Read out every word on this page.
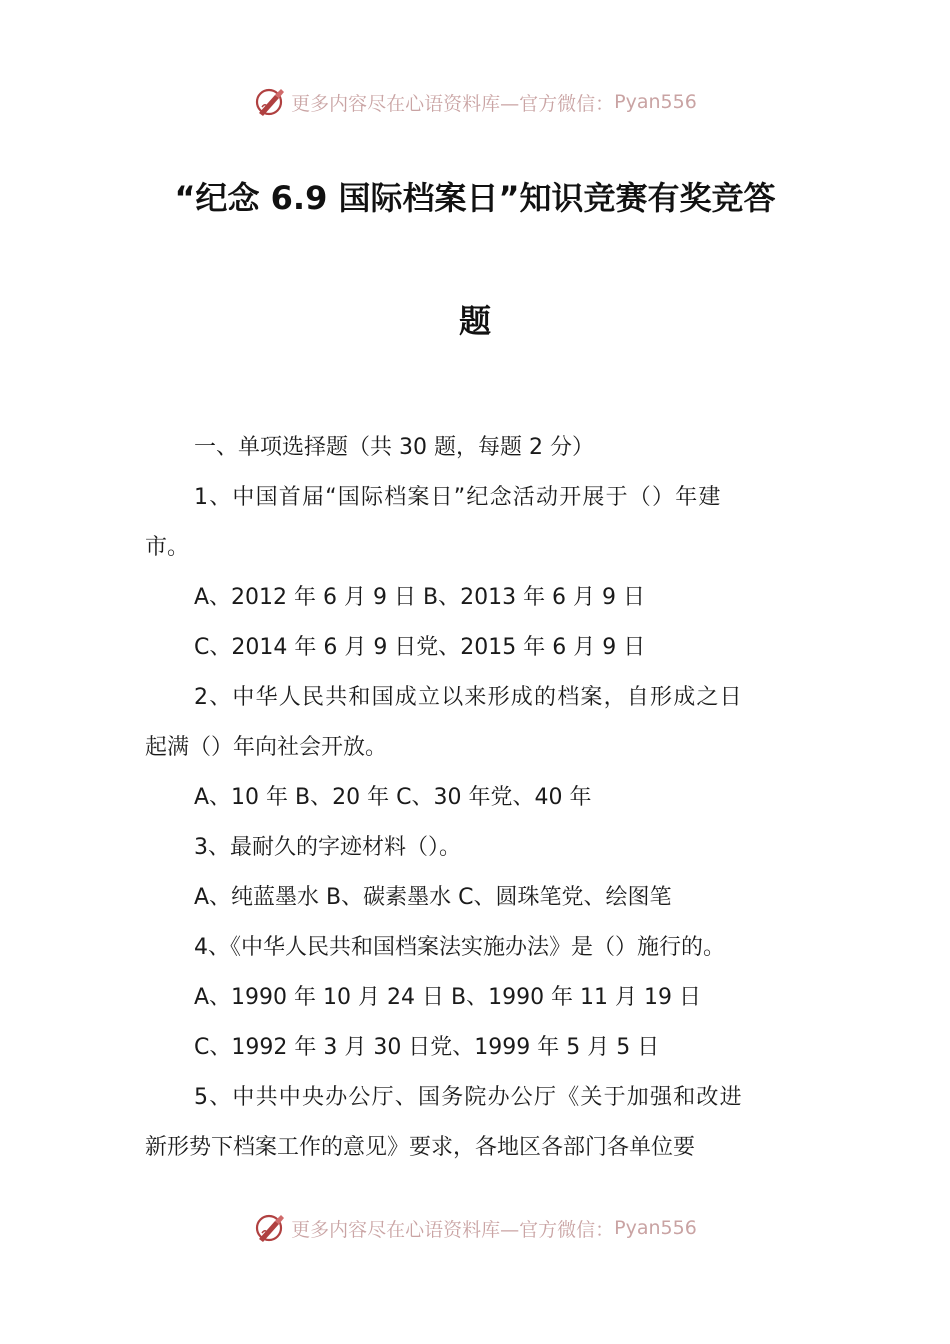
更多内容尽在心语资料库—官方微信： Pyan556
“纪念 6.9 国际档案日”知识竞赛有奖竞答
题
一、单项选择题（共 30 题，每题 2 分）
1、中国首届“国际档案日”纪念活动开展于（）年建
市。
A、2012 年 6 月 9 日 B、2013 年 6 月 9 日
C、2014 年 6 月 9 日党、2015 年 6 月 9 日
2、中华人民共和国成立以来形成的档案，自形成之日
起满（）年向社会开放。
A、10 年 B、20 年 C、30 年党、40 年
3、最耐久的字迹材料（）。
A、纯蓝墨水 B、碳素墨水 C、圆珠笔党、绘图笔
4、《中华人民共和国档案法实施办法》是（）施行的。
A、1990 年 10 月 24 日 B、1990 年 11 月 19 日
C、1992 年 3 月 30 日党、1999 年 5 月 5 日
5、中共中央办公厅、国务院办公厅《关于加强和改进
新形势下档案工作的意见》要求，各地区各部门各单位要
更多内容尽在心语资料库—官方微信： Pyan556
